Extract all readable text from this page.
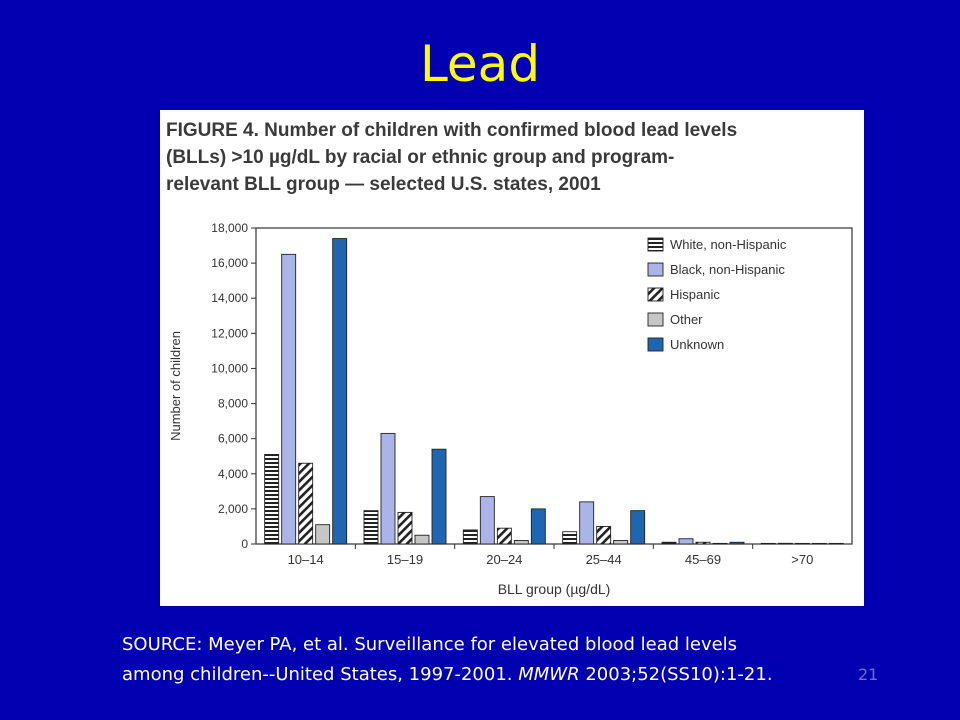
Lead
FIGURE 4. Number of children with confirmed blood lead levels
(BLLs) >10 µg/dL by racial or ethnic group and program-
relevant BLL group — selected U.S. states, 2001
0
2,000
4,000
6,000
8,000
10,000
12,000
14,000
16,000
18,000
Number of children
BLL group (µg/dL)
10–14	15–19	20–24	25–44	45–69	>70
White, non-Hispanic
Black, non-Hispanic
Hispanic
Other
Unknown
SOURCE: Meyer PA, et al. Surveillance for elevated blood lead levels
among children--United States, 1997-2001. MMWR 2003;52(SS10):1-21.	21
